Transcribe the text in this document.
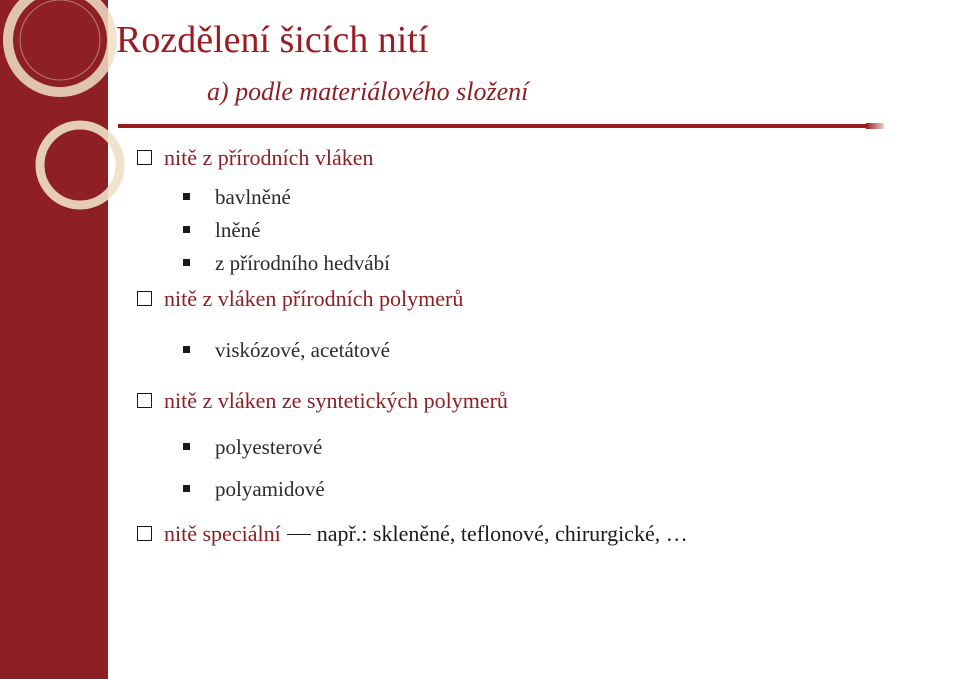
Rozdělení šicích nití
a) podle materiálového složení
nitě z přírodních vláken
bavlněné
lněné
z přírodního hedvábí
nitě z vláken přírodních polymerů
viskózové, acetátové
nitě z vláken ze syntetických polymerů
polyesterové
polyamidové
nitě speciální např.: skleněné, teflonové, chirurgické, …
